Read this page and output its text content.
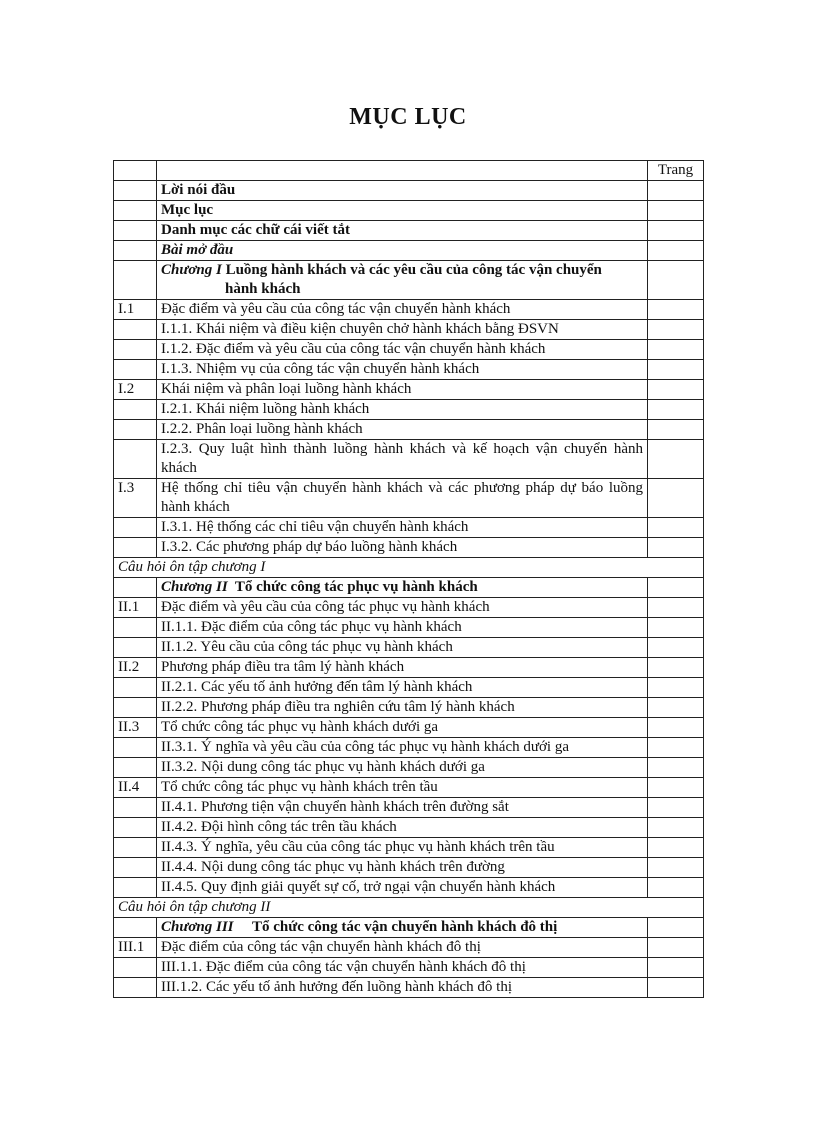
MỤC LỤC
		Trang
	Lời nói đầu	
	Mục lục	
	Danh mục các chữ cái viết tắt	
	Bài mở đầu	
	Chương I Luồng hành khách và các yêu cầu của công tác vận chuyển
hành khách	

I.1	Đặc điểm và yêu cầu của công tác vận chuyển hành khách	
	I.1.1. Khái niệm và điều kiện chuyên chở hành khách bằng ĐSVN	
	I.1.2. Đặc điểm và yêu cầu của công tác vận chuyển hành khách	
	I.1.3. Nhiệm vụ của công tác vận chuyển hành khách	
I.2	Khái niệm và phân loại luồng hành khách	
	I.2.1. Khái niệm luồng hành khách	
	I.2.2. Phân loại luồng hành khách	
	I.2.3. Quy luật hình thành luồng hành khách và kế hoạch vận chuyển hành khách	
I.3	Hệ thống chỉ tiêu vận chuyển hành khách và các phương pháp dự báo luồng hành khách	
	I.3.1. Hệ thống các chỉ tiêu vận chuyển hành khách	
	I.3.2. Các phương pháp dự báo luồng hành khách	
Câu hỏi ôn tập chương I		
	Chương II Tổ chức công tác phục vụ hành khách	
II.1	Đặc điểm và yêu cầu của công tác phục vụ hành khách	
	II.1.1. Đặc điểm của công tác phục vụ hành khách	
	II.1.2. Yêu cầu của công tác phục vụ hành khách	
II.2	Phương pháp điều tra tâm lý hành khách	
	II.2.1. Các yếu tố ảnh hưởng đến tâm lý hành khách	
	II.2.2. Phương pháp điều tra nghiên cứu tâm lý hành khách	
II.3	Tổ chức công tác phục vụ hành khách dưới ga	
	II.3.1. Ý nghĩa và yêu cầu của công tác phục vụ hành khách dưới ga	
	II.3.2. Nội dung công tác phục vụ hành khách dưới ga	
II.4	Tổ chức công tác phục vụ hành khách trên tầu	
	II.4.1. Phương tiện vận chuyển hành khách trên đường sắt	
	II.4.2. Đội hình công tác trên tầu khách	
	II.4.3. Ý nghĩa, yêu cầu của công tác phục vụ hành khách trên tầu	
	II.4.4. Nội dung công tác phục vụ hành khách trên đường	
	II.4.5. Quy định giải quyết sự cố, trở ngại vận chuyển hành khách	
Câu hỏi ôn tập chương II		
	Chương III Tổ chức công tác vận chuyển hành khách đô thị	
III.1	Đặc điểm của công tác vận chuyển hành khách đô thị	
	III.1.1. Đặc điểm của công tác vận chuyển hành khách đô thị	
	III.1.2. Các yếu tố ảnh hưởng đến luồng hành khách đô thị	
